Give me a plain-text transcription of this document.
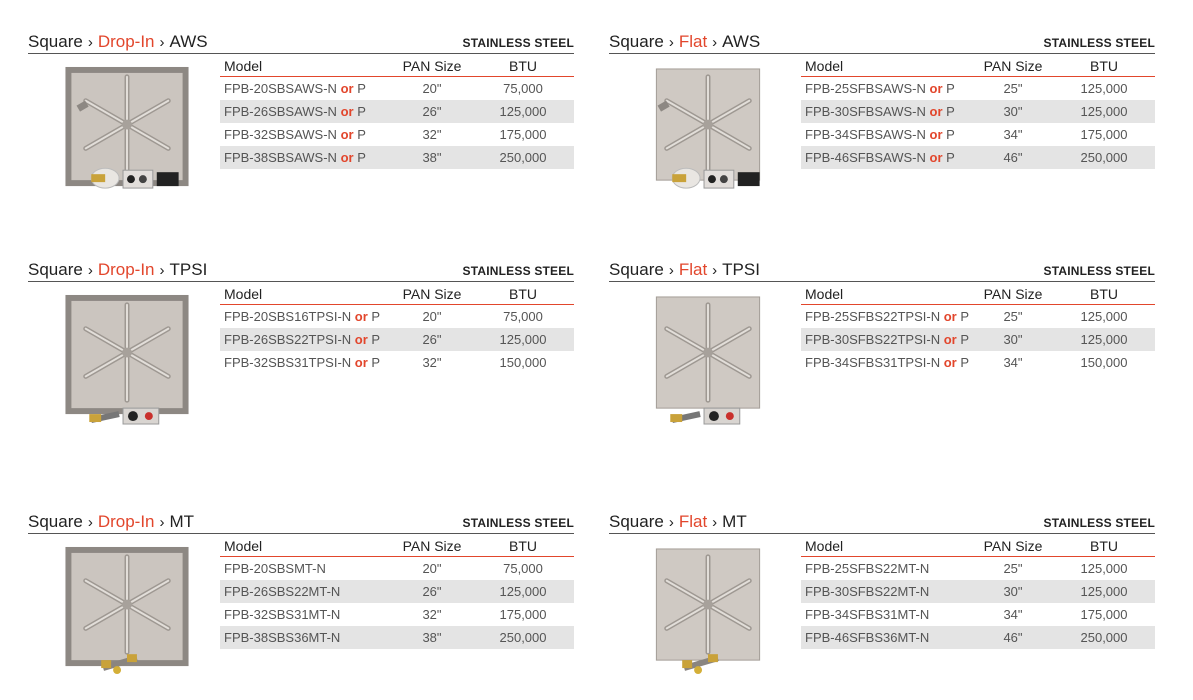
Square › Drop-In › AWS	STAINLESS STEEL
Model	PAN Size	BTU
FPB-20SBSAWS-N or P	20"	75,000
FPB-26SBSAWS-N or P	26"	125,000
FPB-32SBSAWS-N or P	32"	175,000
FPB-38SBSAWS-N or P	38"	250,000
Square › Flat › AWS	STAINLESS STEEL
Model	PAN Size	BTU
FPB-25SFBSAWS-N or P	25"	125,000
FPB-30SFBSAWS-N or P	30"	125,000
FPB-34SFBSAWS-N or P	34"	175,000
FPB-46SFBSAWS-N or P	46"	250,000
Square › Drop-In › TPSI	STAINLESS STEEL
Model	PAN Size	BTU
FPB-20SBS16TPSI-N or P	20"	75,000
FPB-26SBS22TPSI-N or P	26"	125,000
FPB-32SBS31TPSI-N or P	32"	150,000
Square › Flat › TPSI	STAINLESS STEEL
Model	PAN Size	BTU
FPB-25SFBS22TPSI-N or P	25"	125,000
FPB-30SFBS22TPSI-N or P	30"	125,000
FPB-34SFBS31TPSI-N or P	34"	150,000
Square › Drop-In › MT	STAINLESS STEEL
Model	PAN Size	BTU
FPB-20SBSMT-N	20"	75,000
FPB-26SBS22MT-N	26"	125,000
FPB-32SBS31MT-N	32"	175,000
FPB-38SBS36MT-N	38"	250,000
Square › Flat › MT	STAINLESS STEEL
Model	PAN Size	BTU
FPB-25SFBS22MT-N	25"	125,000
FPB-30SFBS22MT-N	30"	125,000
FPB-34SFBS31MT-N	34"	175,000
FPB-46SFBS36MT-N	46"	250,000
